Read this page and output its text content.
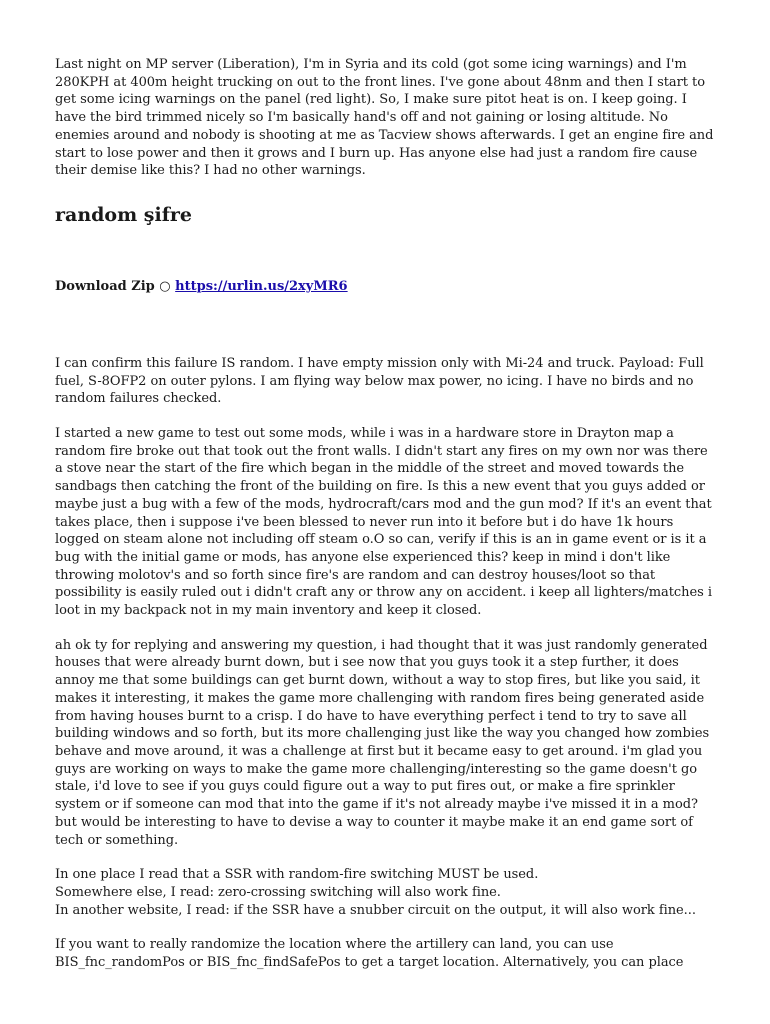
Last night on MP server (Liberation), I'm in Syria and its cold (got some icing warnings) and I'm 280KPH at 400m height trucking on out to the front lines. I've gone about 48nm and then I start to get some icing warnings on the panel (red light). So, I make sure pitot heat is on. I keep going. I have the bird trimmed nicely so I'm basically hand's off and not gaining or losing altitude. No enemies around and nobody is shooting at me as Tacview shows afterwards. I get an engine fire and start to lose power and then it grows and I burn up. Has anyone else had just a random fire cause their demise like this? I had no other warnings.

random şifre
Download Zip ○ https://urlin.us/2xyMR6

I can confirm this failure IS random. I have empty mission only with Mi-24 and truck. Payload: Full fuel, S-8OFP2 on outer pylons. I am flying way below max power, no icing. I have no birds and no random failures checked.

I started a new game to test out some mods, while i was in a hardware store in Drayton map a random fire broke out that took out the front walls. I didn't start any fires on my own nor was there a stove near the start of the fire which began in the middle of the street and moved towards the sandbags then catching the front of the building on fire. Is this a new event that you guys added or maybe just a bug with a few of the mods, hydrocraft/cars mod and the gun mod? If it's an event that takes place, then i suppose i've been blessed to never run into it before but i do have 1k hours logged on steam alone not including off steam o.O so can, verify if this is an in game event or is it a bug with the initial game or mods, has anyone else experienced this? keep in mind i don't like throwing molotov's and so forth since fire's are random and can destroy houses/loot so that possibility is easily ruled out i didn't craft any or throw any on accident. i keep all lighters/matches i loot in my backpack not in my main inventory and keep it closed.

ah ok ty for replying and answering my question, i had thought that it was just randomly generated houses that were already burnt down, but i see now that you guys took it a step further, it does annoy me that some buildings can get burnt down, without a way to stop fires, but like you said, it makes it interesting, it makes the game more challenging with random fires being generated aside from having houses burnt to a crisp. I do have to have everything perfect i tend to try to save all building windows and so forth, but its more challenging just like the way you changed how zombies behave and move around, it was a challenge at first but it became easy to get around. i'm glad you guys are working on ways to make the game more challenging/interesting so the game doesn't go stale, i'd love to see if you guys could figure out a way to put fires out, or make a fire sprinkler system or if someone can mod that into the game if it's not already maybe i've missed it in a mod? but would be interesting to have to devise a way to counter it maybe make it an end game sort of tech or something.

In one place I read that a SSR with random-fire switching MUST be used.
Somewhere else, I read: zero-crossing switching will also work fine.
In another website, I read: if the SSR have a snubber circuit on the output, it will also work fine...

If you want to really randomize the location where the artillery can land, you can use BIS_fnc_randomPos or BIS_fnc_findSafePos to get a target location. Alternatively, you can place
